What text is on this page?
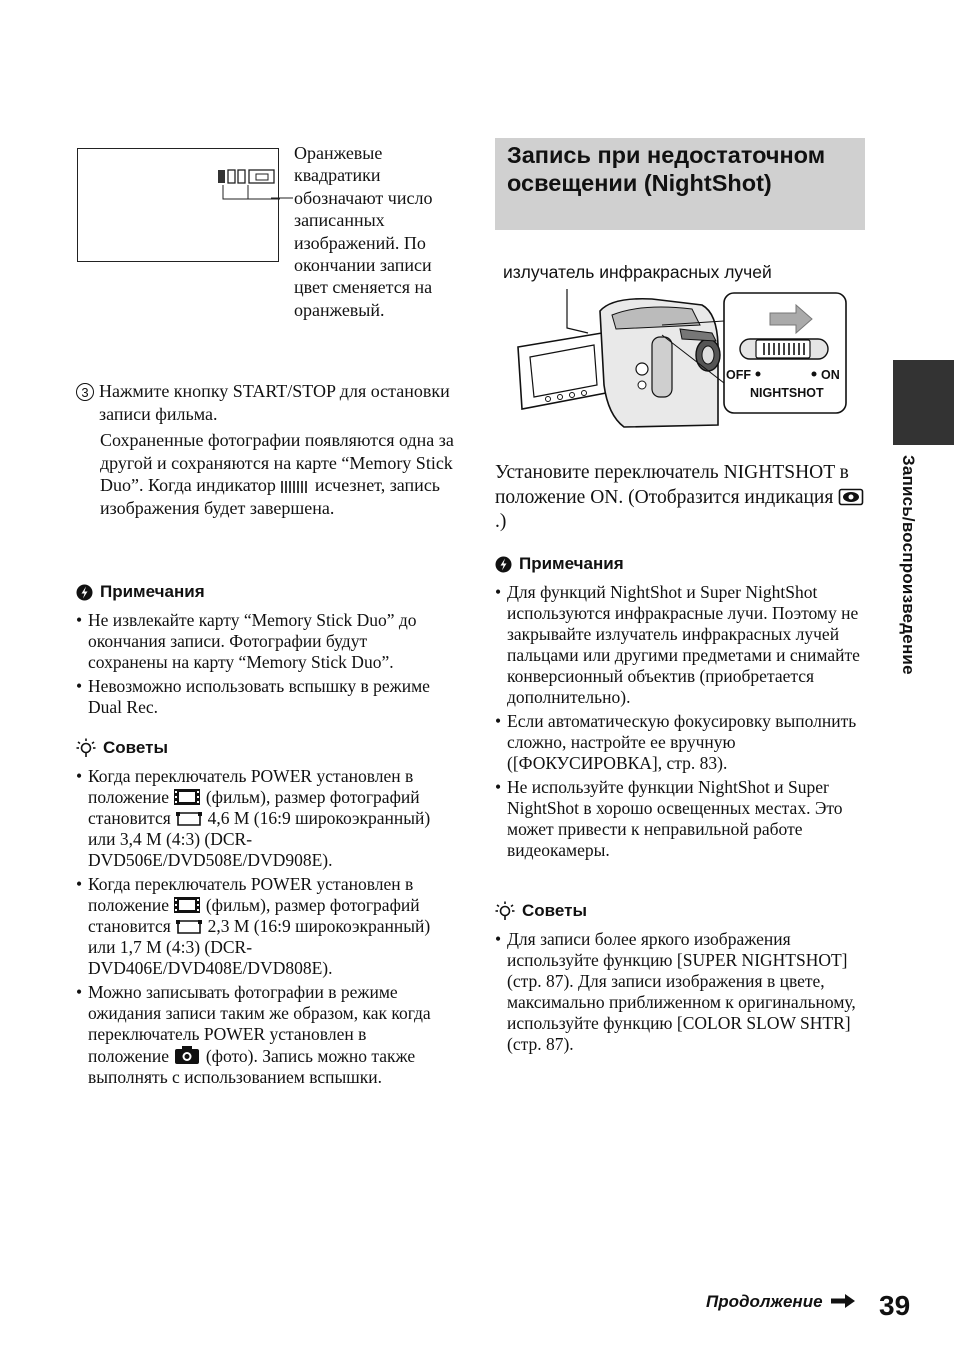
Оранжевые квадратики обозначают число записанных изображений. По окончании записи цвет сменяется на оранжевый.
3 Нажмите кнопку START/STOP для остановки записи фильма.
Сохраненные фотографии появляются одна за другой и сохраняются на карте “Memory Stick Duo”. Когда индикатор исчезнет, запись изображения будет завершена.
Примечания
• Не извлекайте карту “Memory Stick Duo” до окончания записи. Фотографии будут сохранены на карту “Memory Stick Duo”.
• Невозможно использовать вспышку в режиме Dual Rec.
Советы
• Когда переключатель POWER установлен в положение (фильм), размер фотографий становится 4,6 M (16:9 широкоэкранный) или 3,4 M (4:3) (DCR-DVD506E/DVD508E/DVD908E).
• Когда переключатель POWER установлен в положение (фильм), размер фотографий становится 2,3 M (16:9 широкоэкранный) или 1,7 M (4:3) (DCR-DVD406E/DVD408E/DVD808E).
• Можно записывать фотографии в режиме ожидания записи таким же образом, как когда переключатель POWER установлен в положение (фото). Запись можно также выполнять с использованием вспышки.
Запись при недостаточном освещении (NightShot)
излучатель инфракрасных лучей
OFF	ON
NIGHTSHOT
Установите переключатель NIGHTSHOT в положение ON. (Отобразится индикация  .)
Примечания
• Для функций NightShot и Super NightShot используются инфракрасные лучи. Поэтому не закрывайте излучатель инфракрасных лучей пальцами или другими предметами и снимайте конверсионный объектив (приобретается дополнительно).
• Если автоматическую фокусировку выполнить сложно, настройте ее вручную ([ФОКУСИРОВКА], стр. 83).
• Не используйте функции NightShot и Super NightShot в хорошо освещенных местах. Это может привести к неправильной работе видеокамеры.
Советы
• Для записи более яркого изображения используйте функцию [SUPER NIGHTSHOT] (стр. 87). Для записи изображения в цвете, максимально приближенном к оригинальному, используйте функцию [COLOR SLOW SHTR] (стр. 87).
Запись/воспроизведение
Продолжение	39
